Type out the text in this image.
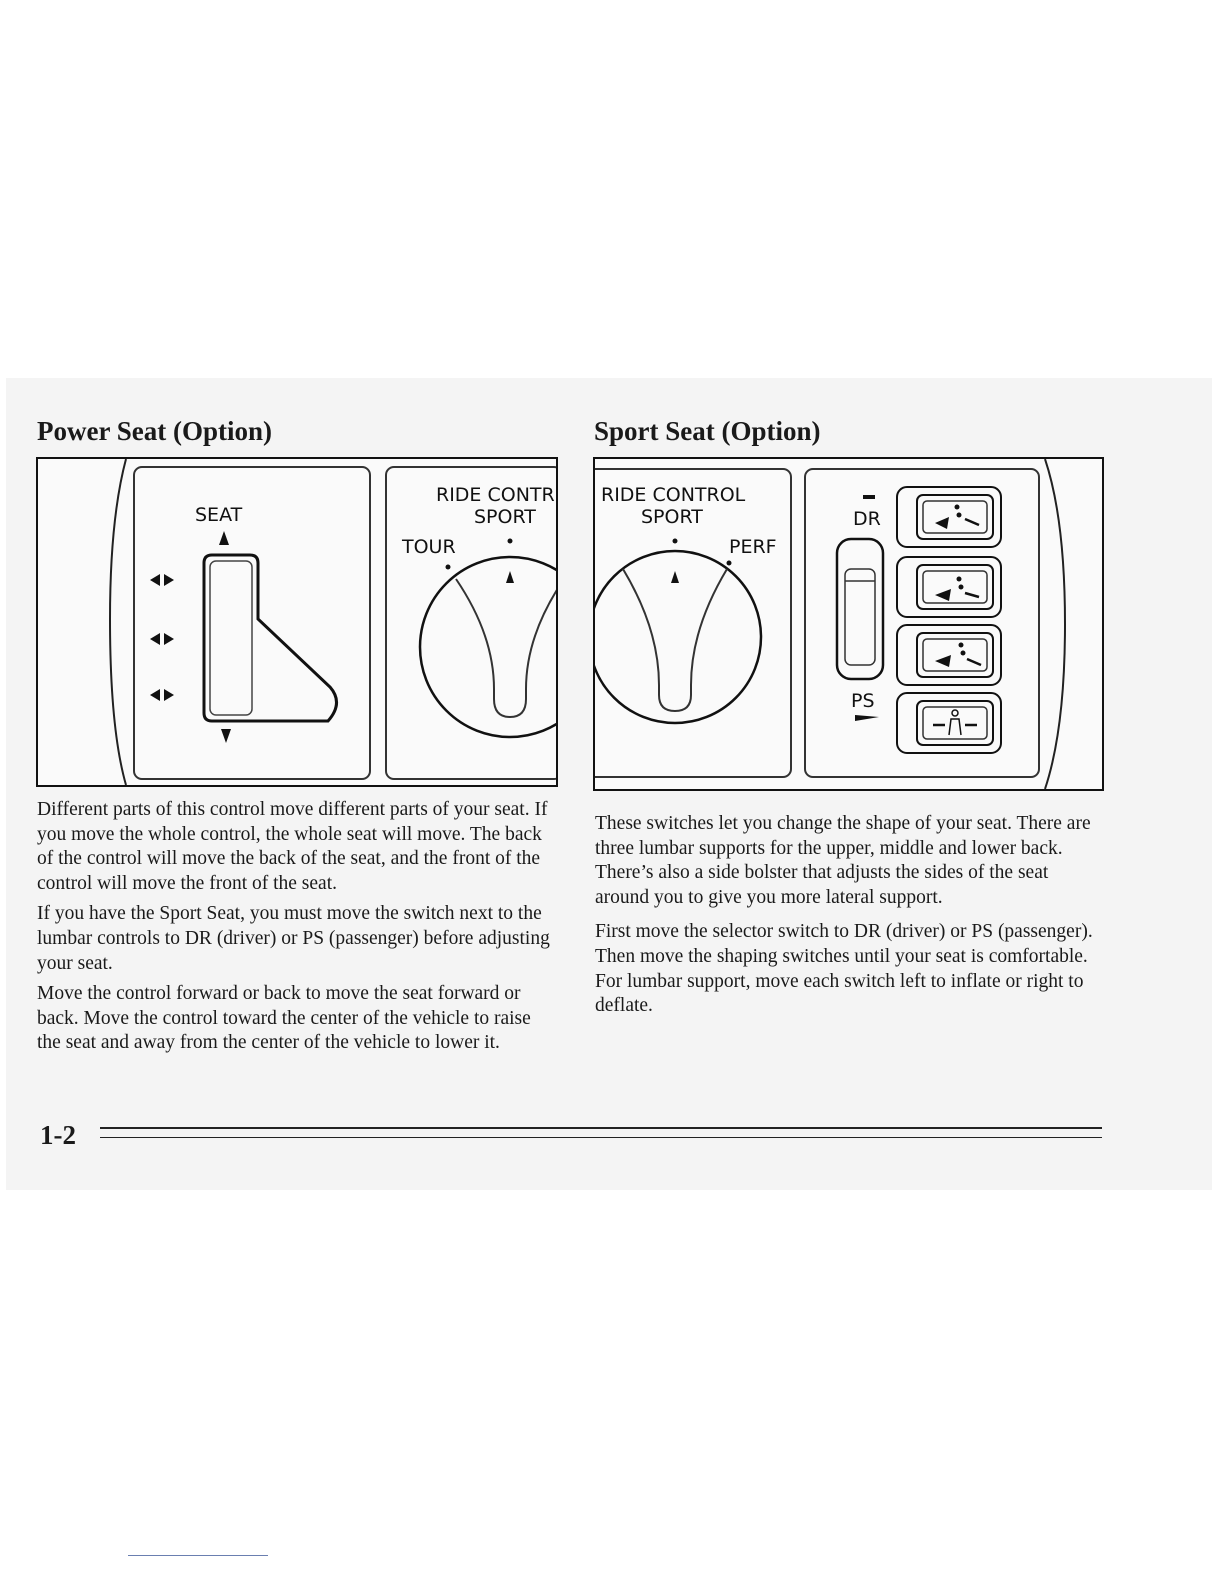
Power Seat (Option)
SEAT
RIDE CONTR
SPORT
TOUR

Different parts of this control move different parts of your seat. If you move the whole control, the whole seat will move. The back of the control will move the back of the seat, and the front of the control will move the front of the seat.

If you have the Sport Seat, you must move the switch next to the lumbar controls to DR (driver) or PS (passenger) before adjusting your seat.

Move the control forward or back to move the seat forward or back. Move the control toward the center of the vehicle to raise the seat and away from the center of the vehicle to lower it.

Sport Seat (Option)
RIDE CONTROL
SPORT
PERF
DR
PS

These switches let you change the shape of your seat. There are three lumbar supports for the upper, middle and lower back. There’s also a side bolster that adjusts the sides of the seat around you to give you more lateral support.

First move the selector switch to DR (driver) or PS (passenger). Then move the shaping switches until your seat is comfortable. For lumbar support, move each switch left to inflate or right to deflate.

1-2
